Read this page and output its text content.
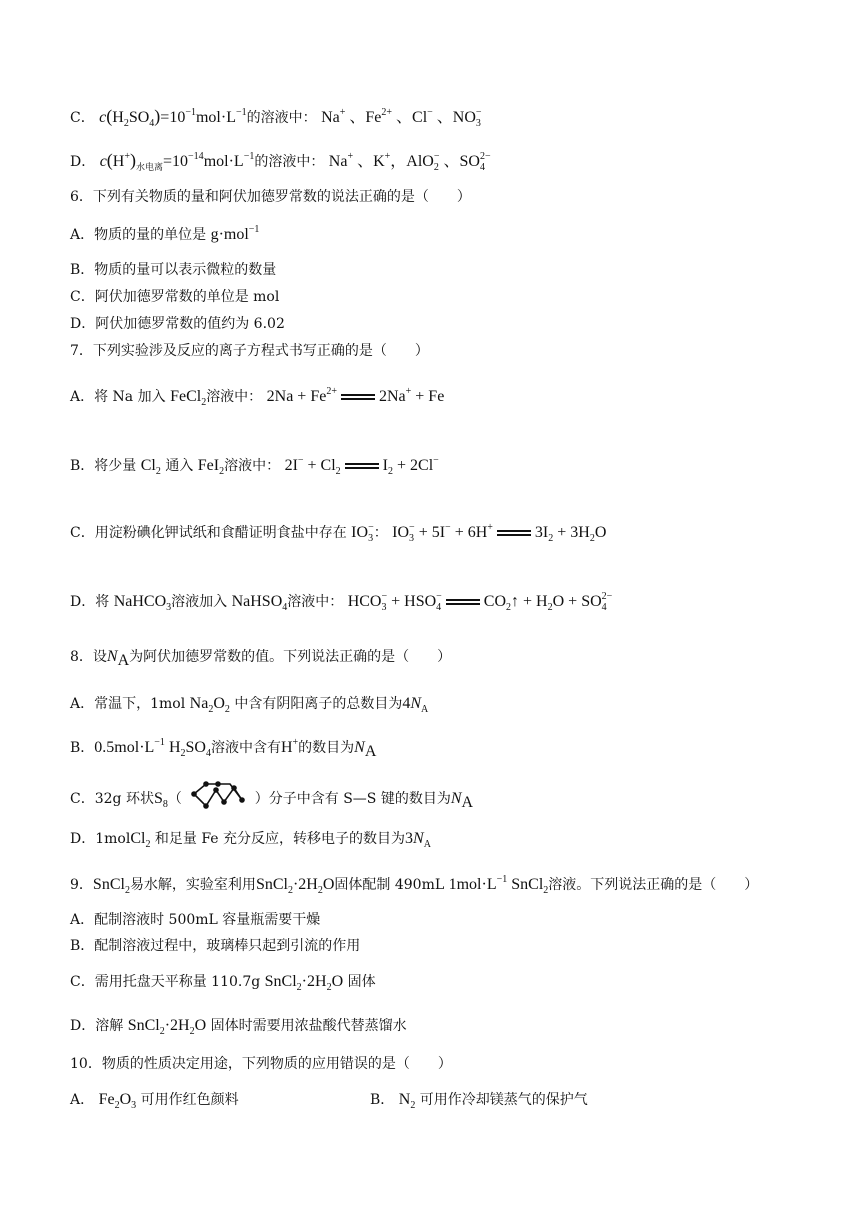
C． $c(H_2SO_4)=10^{-1}mol\cdot L^{-1}$的溶液中： Na+ 、$Fe^{2+}$ 、Cl− 、$NO_3^-$
D． $c(H^+)_{水电离}=10^{-14}mol\cdot L^{-1}$的溶液中： Na+ 、K+，AlO$_2$− 、$SO_4^{2-}$
6．下列有关物质的量和阿伏加德罗常数的说法正确的是（　　）
A．物质的量的单位是 g·mol$^{-1}$
B．物质的量可以表示微粒的数量
C．阿伏加德罗常数的单位是 mol
D．阿伏加德罗常数的值约为 6.02
7．下列实验涉及反应的离子方程式书写正确的是（　　）
A．将 Na 加入 FeCl$_2$溶液中： $2Na + Fe^{2+}$  2Na+ + Fe
B．将少量 $Cl_2$ 通入 FeI$_2$溶液中： $2I^- + Cl_2$  $I_2 + 2Cl^-$
C．用淀粉碘化钾试纸和食醋证明食盐中存在 $IO_3^-$： $IO_3^- + 5I^- + 6H^+$  $3I_2 + 3H_2O$
D．将 NaHCO$_3$溶液加入 NaHSO$_4$溶液中： $HCO_3^- + HSO_4^-$  $CO_2↑ + H_2O + SO_4^{2-}$
8．设$N_A$为阿伏加德罗常数的值。下列说法正确的是（　　）
A．常温下，1mol $Na_2O_2$ 中含有阴阳离子的总数目为$4N_A$
B．$0.5mol\cdot L^{-1}$ $H_2SO_4$溶液中含有H+的数目为$N_A$
C．32g 环状$S_8$（	）分子中含有 S—S 键的数目为$N_A$
D．1molCl$_2$ 和足量 Fe 充分反应，转移电子的数目为$3N_A$
9．SnCl$_2$易水解，实验室利用$SnCl_2\cdot 2H_2O$固体配制 490mL $1mol\cdot L^{-1}$ SnCl$_2$溶液。下列说法正确的是（　　）
A．配制溶液时 500mL 容量瓶需要干燥
B．配制溶液过程中，玻璃棒只起到引流的作用
C．需用托盘天平称量 110.7g $SnCl_2\cdot 2H_2O$ 固体
D．溶解 $SnCl_2\cdot 2H_2O$ 固体时需要用浓盐酸代替蒸馏水
10．物质的性质决定用途，下列物质的应用错误的是（　　）
A． $Fe_2O_3$ 可用作红色颜料	B． $N_2$ 可用作冷却镁蒸气的保护气
